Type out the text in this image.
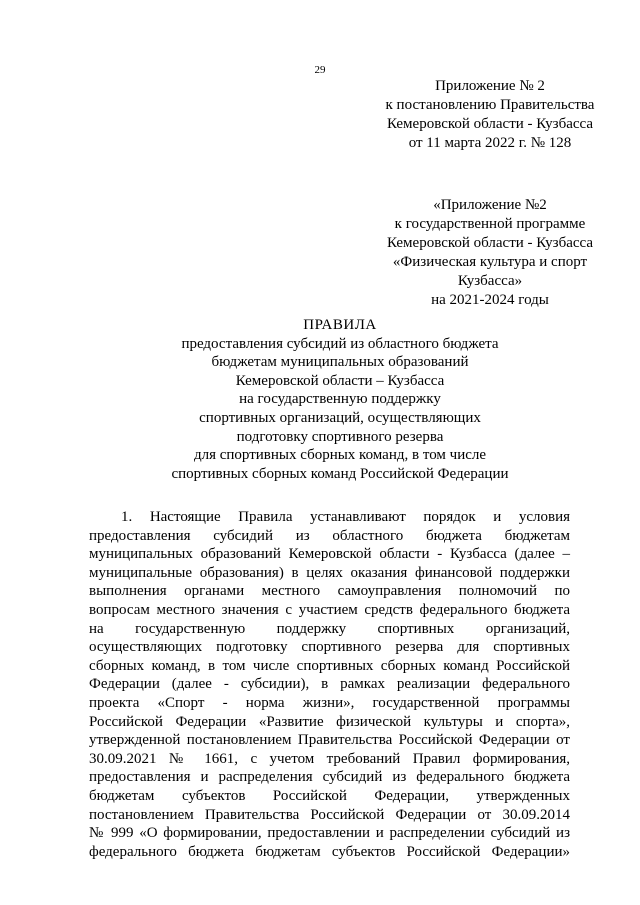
29
Приложение № 2
к постановлению Правительства
Кемеровской области - Кузбасса
от 11 марта 2022 г. № 128
«Приложение №2
к государственной программе
Кемеровской области - Кузбасса
«Физическая культура и спорт
Кузбасса»
на 2021-2024 годы
ПРАВИЛА
предоставления субсидий из областного бюджета
бюджетам муниципальных образований
Кемеровской области – Кузбасса
на государственную поддержку
спортивных организаций, осуществляющих
подготовку спортивного резерва
для спортивных сборных команд, в том числе
спортивных сборных команд Российской Федерации
1. Настоящие Правила устанавливают порядок и условия
предоставления субсидий из областного бюджета бюджетам
муниципальных образований Кемеровской области - Кузбасса (далее –
муниципальные образования) в целях оказания финансовой поддержки
выполнения органами местного самоуправления полномочий по
вопросам местного значения с участием средств федерального бюджета
на государственную поддержку спортивных организаций,
осуществляющих подготовку спортивного резерва для спортивных
сборных команд, в том числе спортивных сборных команд Российской
Федерации (далее - субсидии), в рамках реализации федерального
проекта «Спорт - норма жизни», государственной программы
Российской Федерации «Развитие физической культуры и спорта»,
утвержденной постановлением Правительства Российской Федерации от
30.09.2021 № 1661, с учетом требований Правил формирования,
предоставления и распределения субсидий из федерального бюджета
бюджетам субъектов Российской Федерации, утвержденных
постановлением Правительства Российской Федерации от 30.09.2014
№ 999 «О формировании, предоставлении и распределении субсидий из
федерального бюджета бюджетам субъектов Российской Федерации»
